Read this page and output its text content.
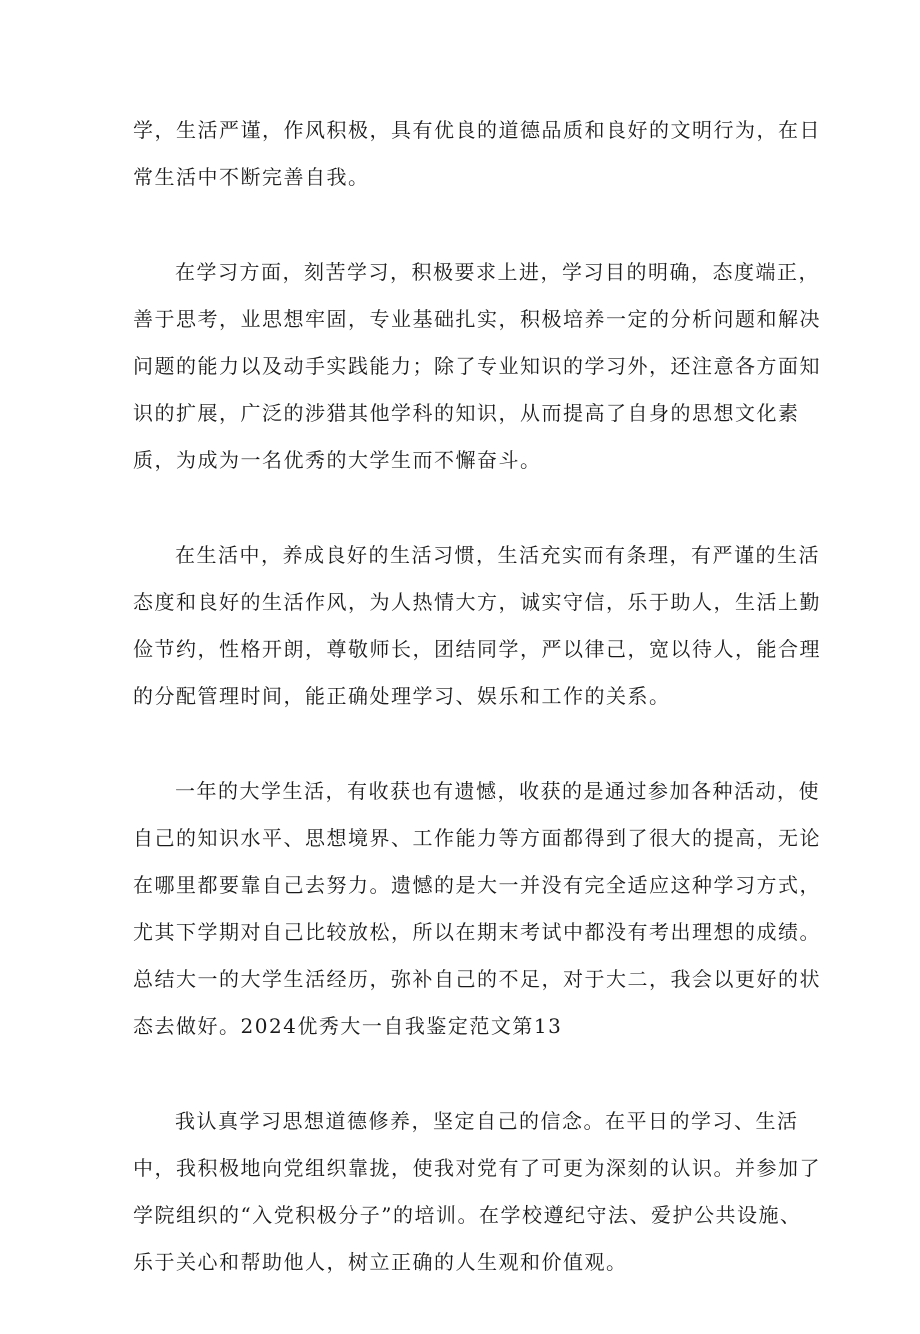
学，生活严谨，作风积极，具有优良的道德品质和良好的文明行为，在日
常生活中不断完善自我。
在学习方面，刻苦学习，积极要求上进，学习目的明确，态度端正，
善于思考，业思想牢固，专业基础扎实，积极培养一定的分析问题和解决
问题的能力以及动手实践能力；除了专业知识的学习外，还注意各方面知
识的扩展，广泛的涉猎其他学科的知识，从而提高了自身的思想文化素
质，为成为一名优秀的大学生而不懈奋斗。
在生活中，养成良好的生活习惯，生活充实而有条理，有严谨的生活
态度和良好的生活作风，为人热情大方，诚实守信，乐于助人，生活上勤
俭节约，性格开朗，尊敬师长，团结同学，严以律己，宽以待人，能合理
的分配管理时间，能正确处理学习、娱乐和工作的关系。
一年的大学生活，有收获也有遗憾，收获的是通过参加各种活动，使
自己的知识水平、思想境界、工作能力等方面都得到了很大的提高，无论
在哪里都要靠自己去努力。遗憾的是大一并没有完全适应这种学习方式，
尤其下学期对自己比较放松，所以在期末考试中都没有考出理想的成绩。
总结大一的大学生活经历，弥补自己的不足，对于大二，我会以更好的状
态去做好。2024优秀大一自我鉴定范文第13
我认真学习思想道德修养，坚定自己的信念。在平日的学习、生活
中，我积极地向党组织靠拢，使我对党有了可更为深刻的认识。并参加了
学院组织的“入党积极分子”的培训。在学校遵纪守法、爱护公共设施、
乐于关心和帮助他人，树立正确的人生观和价值观。
